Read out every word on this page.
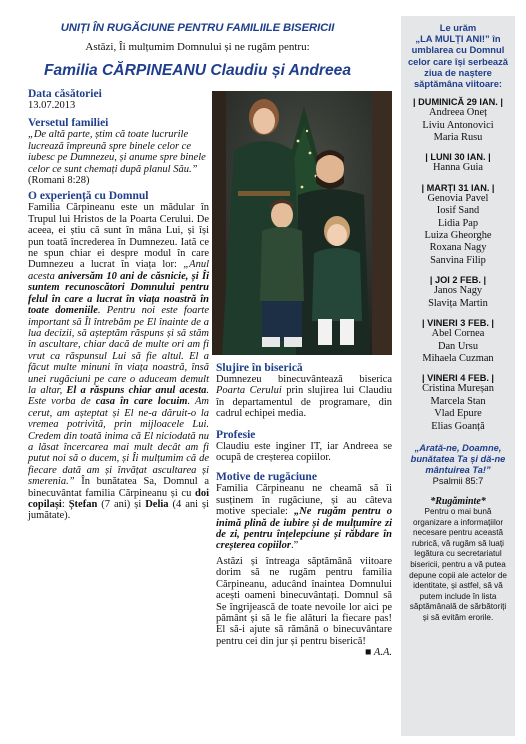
UNIȚI ÎN RUGĂCIUNE PENTRU FAMILIILE BISERICII
Astăzi, Îi mulțumim Domnului și ne rugăm pentru:
Familia CĂRPINEANU Claudiu și Andreea

Data căsătoriei

13.07.2013

Versetul familiei

„De altă parte, știm că toate lucrurile lucrează împreună spre binele celor ce iubesc pe Dumnezeu, și anume spre binele celor ce sunt chemați după planul Său.” (Romani 8:28)

O experiență cu Domnul

Familia Cărpineanu este un mădular în Trupul lui Hristos de la Poarta Cerului. De aceea, ei știu că sunt în mâna Lui, și își pun toată încrederea în Dumnezeu. Iată ce ne spun chiar ei despre modul în care Dumnezeu a lucrat în viața lor: „Anul acesta aniversăm 10 ani de căsnicie, și Îi suntem recunoscători Domnului pentru felul în care a lucrat în viața noastră în toate domeniile. Pentru noi este foarte important să Îl întrebăm pe El înainte de a lua decizii, să așteptăm răspuns și să stăm în ascultare, chiar dacă de multe ori am fi vrut ca răspunsul Lui să fie altul. El a făcut multe minuni în viața noastră, însă unei rugăciuni pe care o aduceam demult la altar, El a răspuns chiar anul acesta. Este vorba de casa în care locuim. Am cerut, am așteptat și El ne-a dăruit-o la vremea potrivită, prin mijloacele Lui. Credem din toată inima că El niciodată nu a lăsat încercarea mai mult decât am fi putut noi să o ducem, și Îi mulțumim că de fiecare dată am și învățat ascultarea și smerenia.” În bunătatea Sa, Domnul a binecuvântat familia Cărpineanu și cu doi copilași: Ștefan (7 ani) și Delia (4 ani și jumătate).

Slujire în biserică

Dumnezeu binecuvântează biserica Poarta Cerului prin slujirea lui Claudiu în departamentul de programare, din cadrul echipei media.

Profesie

Claudiu este inginer IT, iar Andreea se ocupă de creșterea copiilor.

Motive de rugăciune

Familia Cărpineanu ne cheamă să îi susținem în rugăciune, și au câteva motive speciale: „Ne rugăm pentru o inimă plină de iubire și de mulțumire zi de zi, pentru înțelepciune și răbdare în creșterea copiilor.”

Astăzi și întreaga săptămână viitoare dorim să ne rugăm pentru familia Cărpineanu, aducând înaintea Domnului acești oameni binecuvântați. Domnul să Se îngrijească de toate nevoile lor aici pe pământ și să le fie alături la fiecare pas! El să-i ajute să rămână o binecuvântare pentru cei din jur și pentru biserică!

■ A.A.

Le urăm
„LA MULȚI ANI!” în umblarea cu Domnul celor care își serbează ziua de naștere săptămâna viitoare:
| DUMINICĂ 29 IAN. |
Andreea Oneț
Liviu Antonovici
Maria Rusu
| LUNI 30 IAN. |
Hanna Guia
| MARȚI 31 IAN. |
Genovia Pavel
Iosif Sand
Lidia Pap
Luiza Gheorghe
Roxana Nagy
Sanvina Filip
| JOI 2 FEB. |
Janos Nagy
Slavița Martin
| VINERI 3 FEB. |
Abel Cornea
Dan Ursu
Mihaela Cuzman
| VINERI 4 FEB. |
Cristina Mureșan
Marcela Stan
Vlad Epure
Elias Goanță
„Arată-ne, Doamne, bunătatea Ta și dă-ne mântuirea Ta!”
Psalmii 85:7
*Rugăminte*
Pentru o mai bună organizare a informațiilor necesare pentru această rubrică, vă rugăm să luați legătura cu secretariatul bisericii, pentru a vă putea depune copii ale actelor de identitate, și astfel, să vă putem include în lista săptămânală de sărbătoriți și să evităm erorile.
